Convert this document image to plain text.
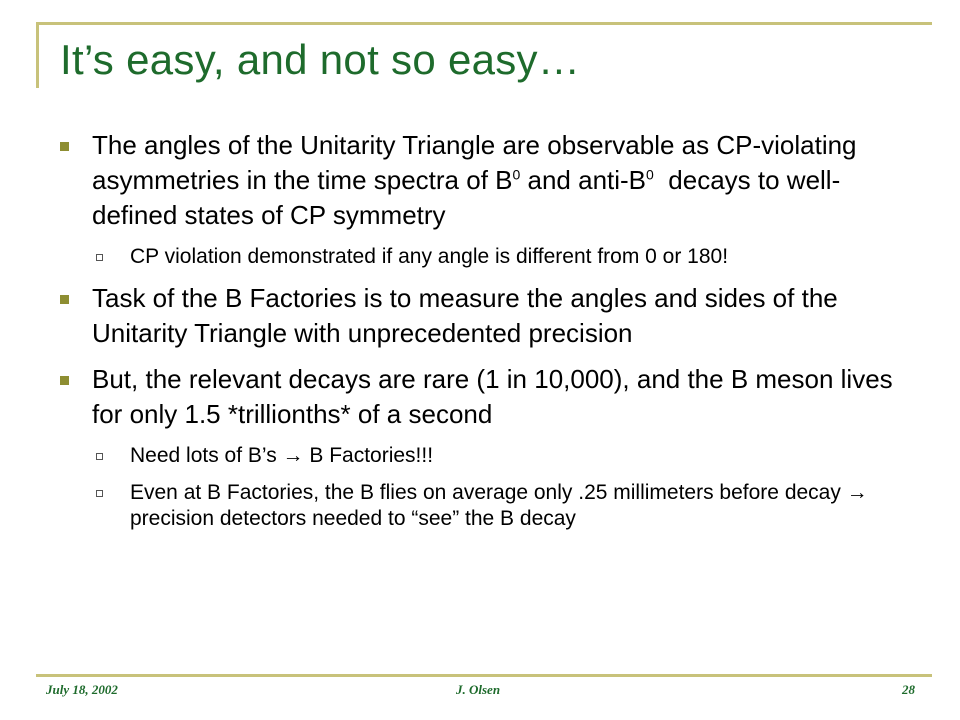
It’s easy, and not so easy…
The angles of the Unitarity Triangle are observable as CP-violating asymmetries in the time spectra of $B^0$ and anti-$B^0$  decays to well-defined states of CP symmetry
CP violation demonstrated if any angle is different from 0 or 180!
Task of the B Factories is to measure the angles and sides of the Unitarity Triangle with unprecedented precision
But, the relevant decays are rare (1 in 10,000), and the B meson lives for only 1.5 *trillionths* of a second
Need lots of B’s → B Factories!!!
Even at B Factories, the B flies on average only .25 millimeters before decay → precision detectors needed to “see” the B decay
July 18, 2002	J. Olsen	28
